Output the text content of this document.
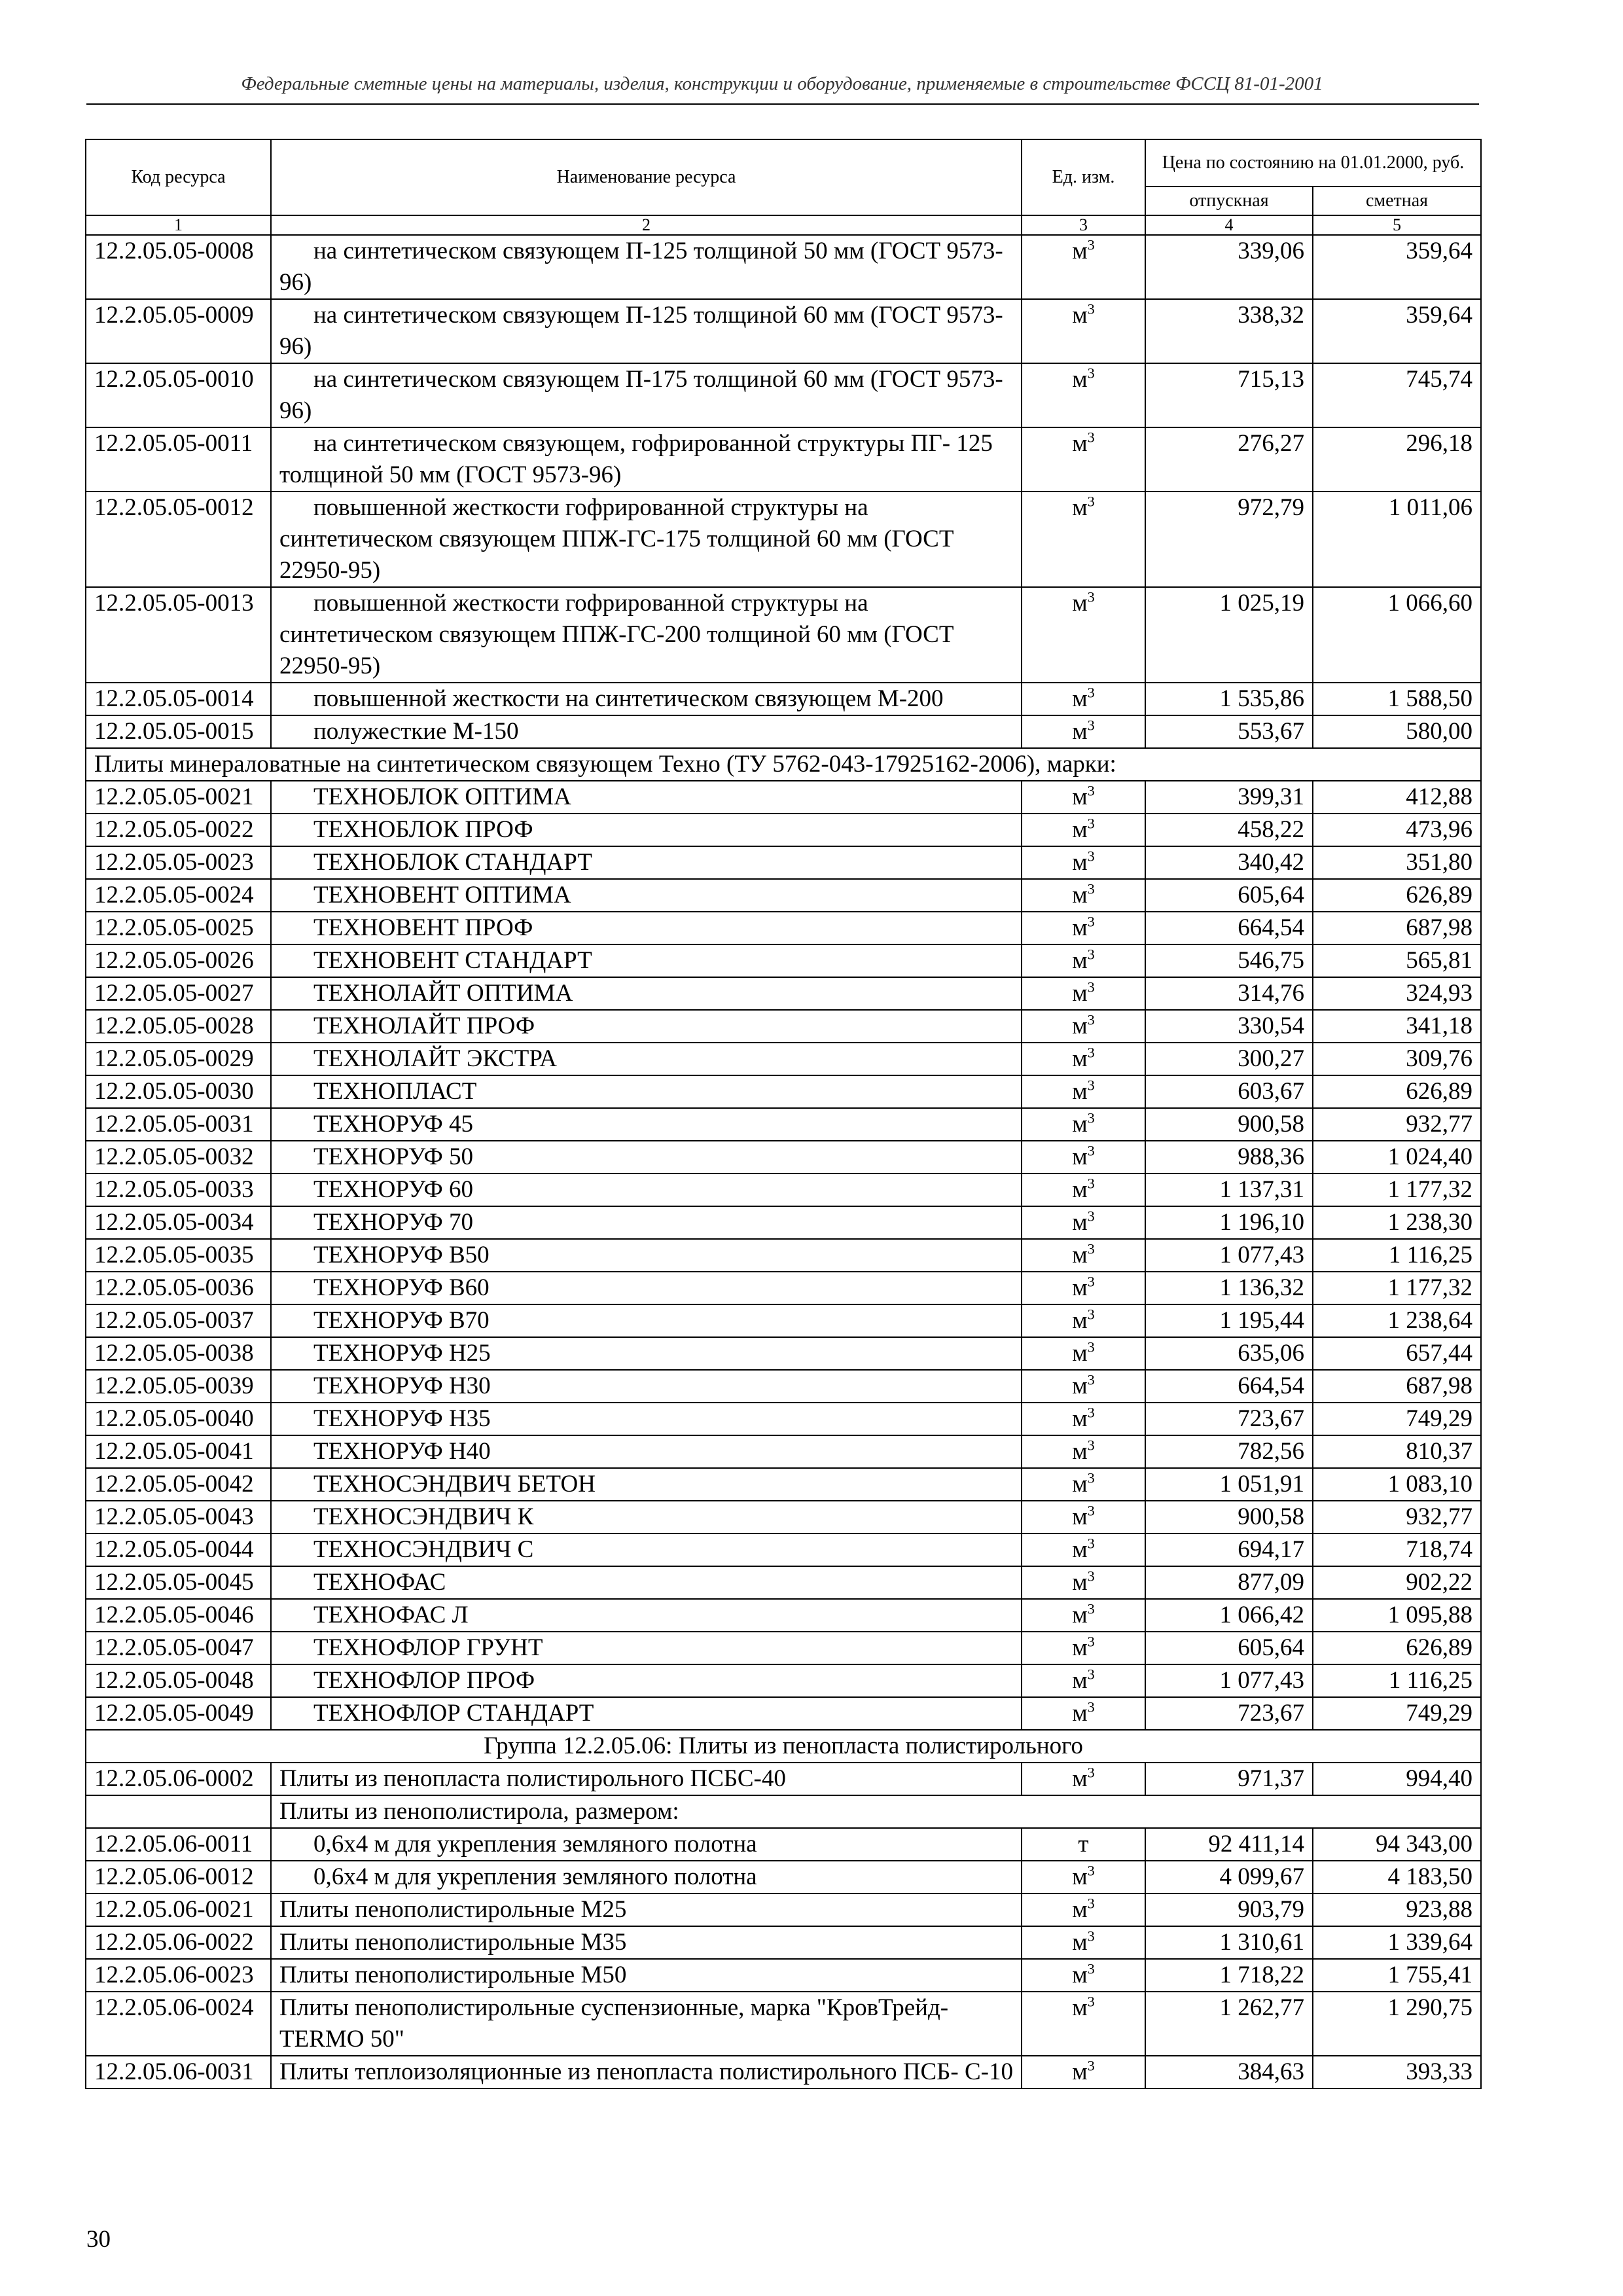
Федеральные сметные цены на материалы, изделия, конструкции и оборудование, применяемые в строительстве ФССЦ 81-01-2001
Код ресурса	Наименование ресурса	Ед. изм.	Цена по состоянию на 01.01.2000, руб.	
			отпускная	сметная
1	2	3	4	5
12.2.05.05-0008	на синтетическом связующем П-125 толщиной 50 мм (ГОСТ 9573-96)	$м^3$	339,06	359,64
12.2.05.05-0009	на синтетическом связующем П-125 толщиной 60 мм (ГОСТ 9573-96)	$м^3$	338,32	359,64
12.2.05.05-0010	на синтетическом связующем П-175 толщиной 60 мм (ГОСТ 9573-96)	$м^3$	715,13	745,74
12.2.05.05-0011	на синтетическом связующем, гофрированной структуры ПГ- 125 толщиной 50 мм (ГОСТ 9573-96)	$м^3$	276,27	296,18
12.2.05.05-0012	повышенной жесткости гофрированной структуры на синтетическом связующем ППЖ-ГС-175 толщиной 60 мм (ГОСТ 22950-95)	$м^3$	972,79	1 011,06
12.2.05.05-0013	повышенной жесткости гофрированной структуры на синтетическом связующем ППЖ-ГС-200 толщиной 60 мм (ГОСТ 22950-95)	$м^3$	1 025,19	1 066,60
12.2.05.05-0014	повышенной жесткости на синтетическом связующем М-200	$м^3$	1 535,86	1 588,50
12.2.05.05-0015	полужесткие М-150	$м^3$	553,67	580,00
Плиты минераловатные на синтетическом связующем Техно (ТУ 5762-043-17925162-2006), марки:				
12.2.05.05-0021	ТЕХНОБЛОК ОПТИМА	$м^3$	399,31	412,88
12.2.05.05-0022	ТЕХНОБЛОК ПРОФ	$м^3$	458,22	473,96
12.2.05.05-0023	ТЕХНОБЛОК СТАНДАРТ	$м^3$	340,42	351,80
12.2.05.05-0024	ТЕХНОВЕНТ ОПТИМА	$м^3$	605,64	626,89
12.2.05.05-0025	ТЕХНОВЕНТ ПРОФ	$м^3$	664,54	687,98
12.2.05.05-0026	ТЕХНОВЕНТ СТАНДАРТ	$м^3$	546,75	565,81
12.2.05.05-0027	ТЕХНОЛАЙТ ОПТИМА	$м^3$	314,76	324,93
12.2.05.05-0028	ТЕХНОЛАЙТ ПРОФ	$м^3$	330,54	341,18
12.2.05.05-0029	ТЕХНОЛАЙТ ЭКСТРА	$м^3$	300,27	309,76
12.2.05.05-0030	ТЕХНОПЛАСТ	$м^3$	603,67	626,89
12.2.05.05-0031	ТЕХНОРУФ 45	$м^3$	900,58	932,77
12.2.05.05-0032	ТЕХНОРУФ 50	$м^3$	988,36	1 024,40
12.2.05.05-0033	ТЕХНОРУФ 60	$м^3$	1 137,31	1 177,32
12.2.05.05-0034	ТЕХНОРУФ 70	$м^3$	1 196,10	1 238,30
12.2.05.05-0035	ТЕХНОРУФ В50	$м^3$	1 077,43	1 116,25
12.2.05.05-0036	ТЕХНОРУФ В60	$м^3$	1 136,32	1 177,32
12.2.05.05-0037	ТЕХНОРУФ В70	$м^3$	1 195,44	1 238,64
12.2.05.05-0038	ТЕХНОРУФ Н25	$м^3$	635,06	657,44
12.2.05.05-0039	ТЕХНОРУФ Н30	$м^3$	664,54	687,98
12.2.05.05-0040	ТЕХНОРУФ Н35	$м^3$	723,67	749,29
12.2.05.05-0041	ТЕХНОРУФ Н40	$м^3$	782,56	810,37
12.2.05.05-0042	ТЕХНОСЭНДВИЧ БЕТОН	$м^3$	1 051,91	1 083,10
12.2.05.05-0043	ТЕХНОСЭНДВИЧ К	$м^3$	900,58	932,77
12.2.05.05-0044	ТЕХНОСЭНДВИЧ С	$м^3$	694,17	718,74
12.2.05.05-0045	ТЕХНОФАС	$м^3$	877,09	902,22
12.2.05.05-0046	ТЕХНОФАС Л	$м^3$	1 066,42	1 095,88
12.2.05.05-0047	ТЕХНОФЛОР ГРУНТ	$м^3$	605,64	626,89
12.2.05.05-0048	ТЕХНОФЛОР ПРОФ	$м^3$	1 077,43	1 116,25
12.2.05.05-0049	ТЕХНОФЛОР СТАНДАРТ	$м^3$	723,67	749,29
Группа 12.2.05.06: Плиты из пенопласта полистирольного				
12.2.05.06-0002	Плиты из пенопласта полистирольного ПСБС-40	$м^3$	971,37	994,40
	Плиты из пенополистирола, размером:			
12.2.05.06-0011	0,6х4 м для укрепления земляного полотна	т	92 411,14	94 343,00
12.2.05.06-0012	0,6х4 м для укрепления земляного полотна	$м^3$	4 099,67	4 183,50
12.2.05.06-0021	Плиты пенополистирольные М25	$м^3$	903,79	923,88
12.2.05.06-0022	Плиты пенополистирольные М35	$м^3$	1 310,61	1 339,64
12.2.05.06-0023	Плиты пенополистирольные М50	$м^3$	1 718,22	1 755,41
12.2.05.06-0024	Плиты пенополистирольные суспензионные, марка "КровТрейд- TERMO 50"	$м^3$	1 262,77	1 290,75
12.2.05.06-0031	Плиты теплоизоляционные из пенопласта полистирольного ПСБ- С-10	$м^3$	384,63	393,33
30
